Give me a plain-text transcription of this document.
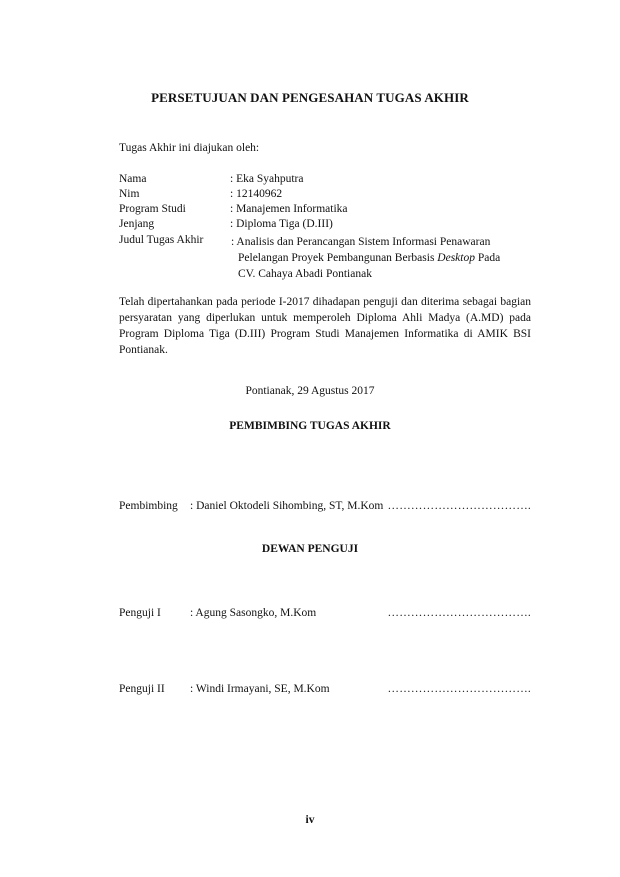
PERSETUJUAN DAN PENGESAHAN TUGAS AKHIR
Tugas Akhir ini diajukan oleh:
Nama	: Eka Syahputra
Nim	: 12140962
Program Studi	: Manajemen Informatika
Jenjang	: Diploma Tiga (D.III)
Judul Tugas Akhir : Analisis dan Perancangan Sistem Informasi Penawaran
Pelelangan Proyek Pembangunan Berbasis Desktop Pada
CV. Cahaya Abadi Pontianak
Telah dipertahankan pada periode I-2017 dihadapan penguji dan diterima sebagai bagian persyaratan yang diperlukan untuk memperoleh Diploma Ahli Madya (A.MD) pada Program Diploma Tiga (D.III) Program Studi Manajemen Informatika di AMIK BSI Pontianak.
Pontianak, 29 Agustus 2017
PEMBIMBING TUGAS AKHIR
Pembimbing : Daniel Oktodeli Sihombing, ST, M.Kom ……………………………….
DEWAN PENGUJI
Penguji I	: Agung Sasongko, M.Kom	……………………………….
Penguji II : Windi Irmayani, SE, M.Kom	……………………………….
iv
